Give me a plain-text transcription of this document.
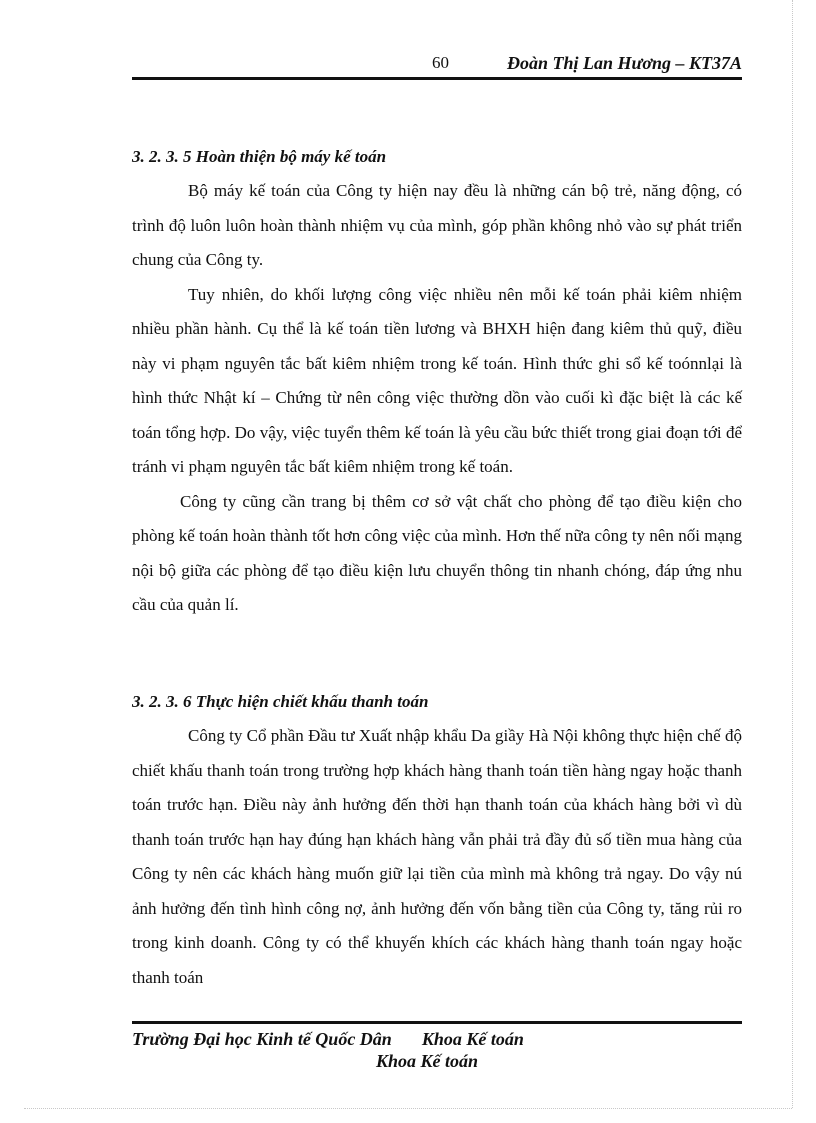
60	Đoàn Thị Lan Hương – KT37A

3. 2. 3. 5 Hoàn thiện bộ máy kế toán

Bộ máy kế toán của Công ty hiện nay đều là những cán bộ trẻ, năng động, có trình độ luôn luôn hoàn thành nhiệm vụ của mình, góp phần không nhỏ vào sự phát triển chung của Công ty.

Tuy nhiên, do khối lượng công việc nhiều nên mỗi kế toán phải kiêm nhiệm nhiều phần hành. Cụ thể là kế toán tiền lương và BHXH hiện đang kiêm thủ quỹ, điều này vi phạm nguyên tắc bất kiêm nhiệm trong kế toán. Hình thức ghi sổ kế toónnlại là hình thức Nhật kí – Chứng từ nên công việc thường dồn vào cuối kì đặc biệt là các kế toán tổng hợp. Do vậy, việc tuyển thêm kế toán là yêu cầu bức thiết trong giai đoạn tới để tránh vi phạm nguyên tắc bất kiêm nhiệm trong kế toán.

Công ty cũng cần trang bị thêm cơ sở vật chất cho phòng để tạo điều kiện cho phòng kế toán hoàn thành tốt hơn công việc của mình. Hơn thế nữa công ty nên nối mạng nội bộ giữa các phòng để tạo điều kiện lưu chuyển thông tin nhanh chóng, đáp ứng nhu cầu của quản lí.

3. 2. 3. 6 Thực hiện chiết khấu thanh toán

Công ty Cổ phần Đầu tư Xuất nhập khẩu Da giầy Hà Nội không thực hiện chế độ chiết khấu thanh toán trong trường hợp khách hàng thanh toán tiền hàng ngay hoặc thanh toán trước hạn. Điều này ảnh hưởng đến thời hạn thanh toán của khách hàng bởi vì dù thanh toán trước hạn hay đúng hạn khách hàng vẫn phải trả đầy đủ số tiền mua hàng của Công ty nên các khách hàng muốn giữ lại tiền của mình mà không trả ngay. Do vậy nú ảnh hưởng đến tình hình công nợ, ảnh hưởng đến vốn bằng tiền của Công ty, tăng rủi ro trong kinh doanh. Công ty có thể khuyến khích các khách hàng thanh toán ngay hoặc thanh toán

Trường Đại học Kinh tế Quốc Dân Khoa Kế toán
Khoa Kế toán
